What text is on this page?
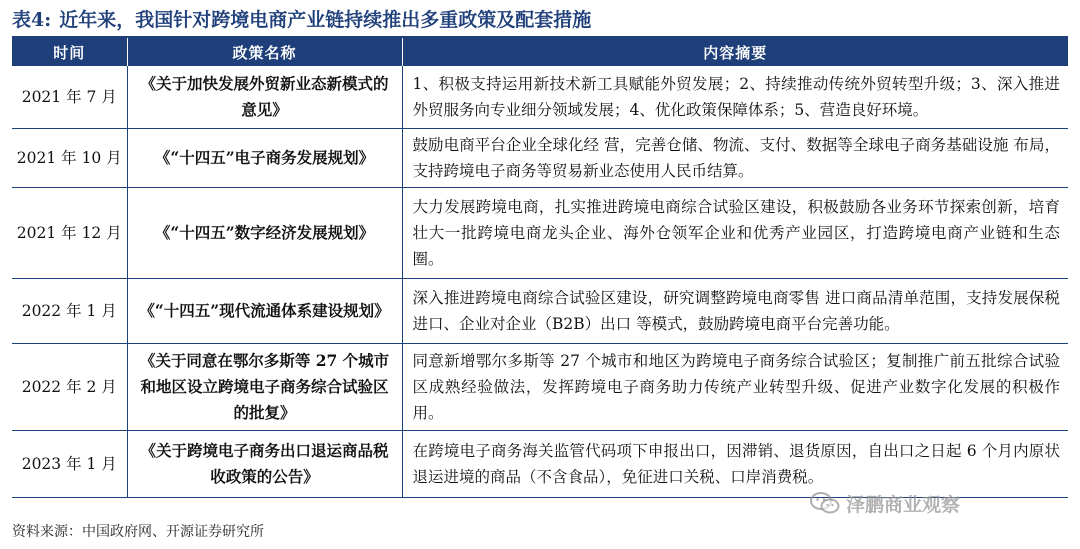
表4: 近年来，我国针对跨境电商产业链持续推出多重政策及配套措施
时间	政策名称	内容摘要
2021 年 7 月	《关于加快发展外贸新业态新模式的意见》	1、积极支持运用新技术新工具赋能外贸发展；2、持续推动传统外贸转型升级；3、深入推进外贸服务向专业细分领域发展；4、优化政策保障体系；5、营造良好环境。
2021 年 10 月	《“十四五”电子商务发展规划》	鼓励电商平台企业全球化经 营，完善仓储、物流、支付、数据等全球电子商务基础设施 布局，支持跨境电子商务等贸易新业态使用人民币结算。
2021 年 12 月	《“十四五”数字经济发展规划》	大力发展跨境电商，扎实推进跨境电商综合试验区建设，积极鼓励各业务环节探索创新，培育壮大一批跨境电商龙头企业、海外仓领军企业和优秀产业园区，打造跨境电商产业链和生态圈。
2022 年 1 月	《“十四五”现代流通体系建设规划》	深入推进跨境电商综合试验区建设，研究调整跨境电商零售 进口商品清单范围，支持发展保税进口、企业对企业（B2B）出口 等模式，鼓励跨境电商平台完善功能。
2022 年 2 月	《关于同意在鄂尔多斯等 27 个城市和地区设立跨境电子商务综合试验区的批复》	同意新增鄂尔多斯等 27 个城市和地区为跨境电子商务综合试验区；复制推广前五批综合试验区成熟经验做法，发挥跨境电子商务助力传统产业转型升级、促进产业数字化发展的积极作用。
2023 年 1 月	《关于跨境电子商务出口退运商品税收政策的公告》	在跨境电子商务海关监管代码项下申报出口，因滞销、退货原因，自出口之日起 6 个月内原状退运进境的商品（不含食品），免征进口关税、口岸消费税。
资料来源：中国政府网、开源证券研究所
泽鹏商业观察
